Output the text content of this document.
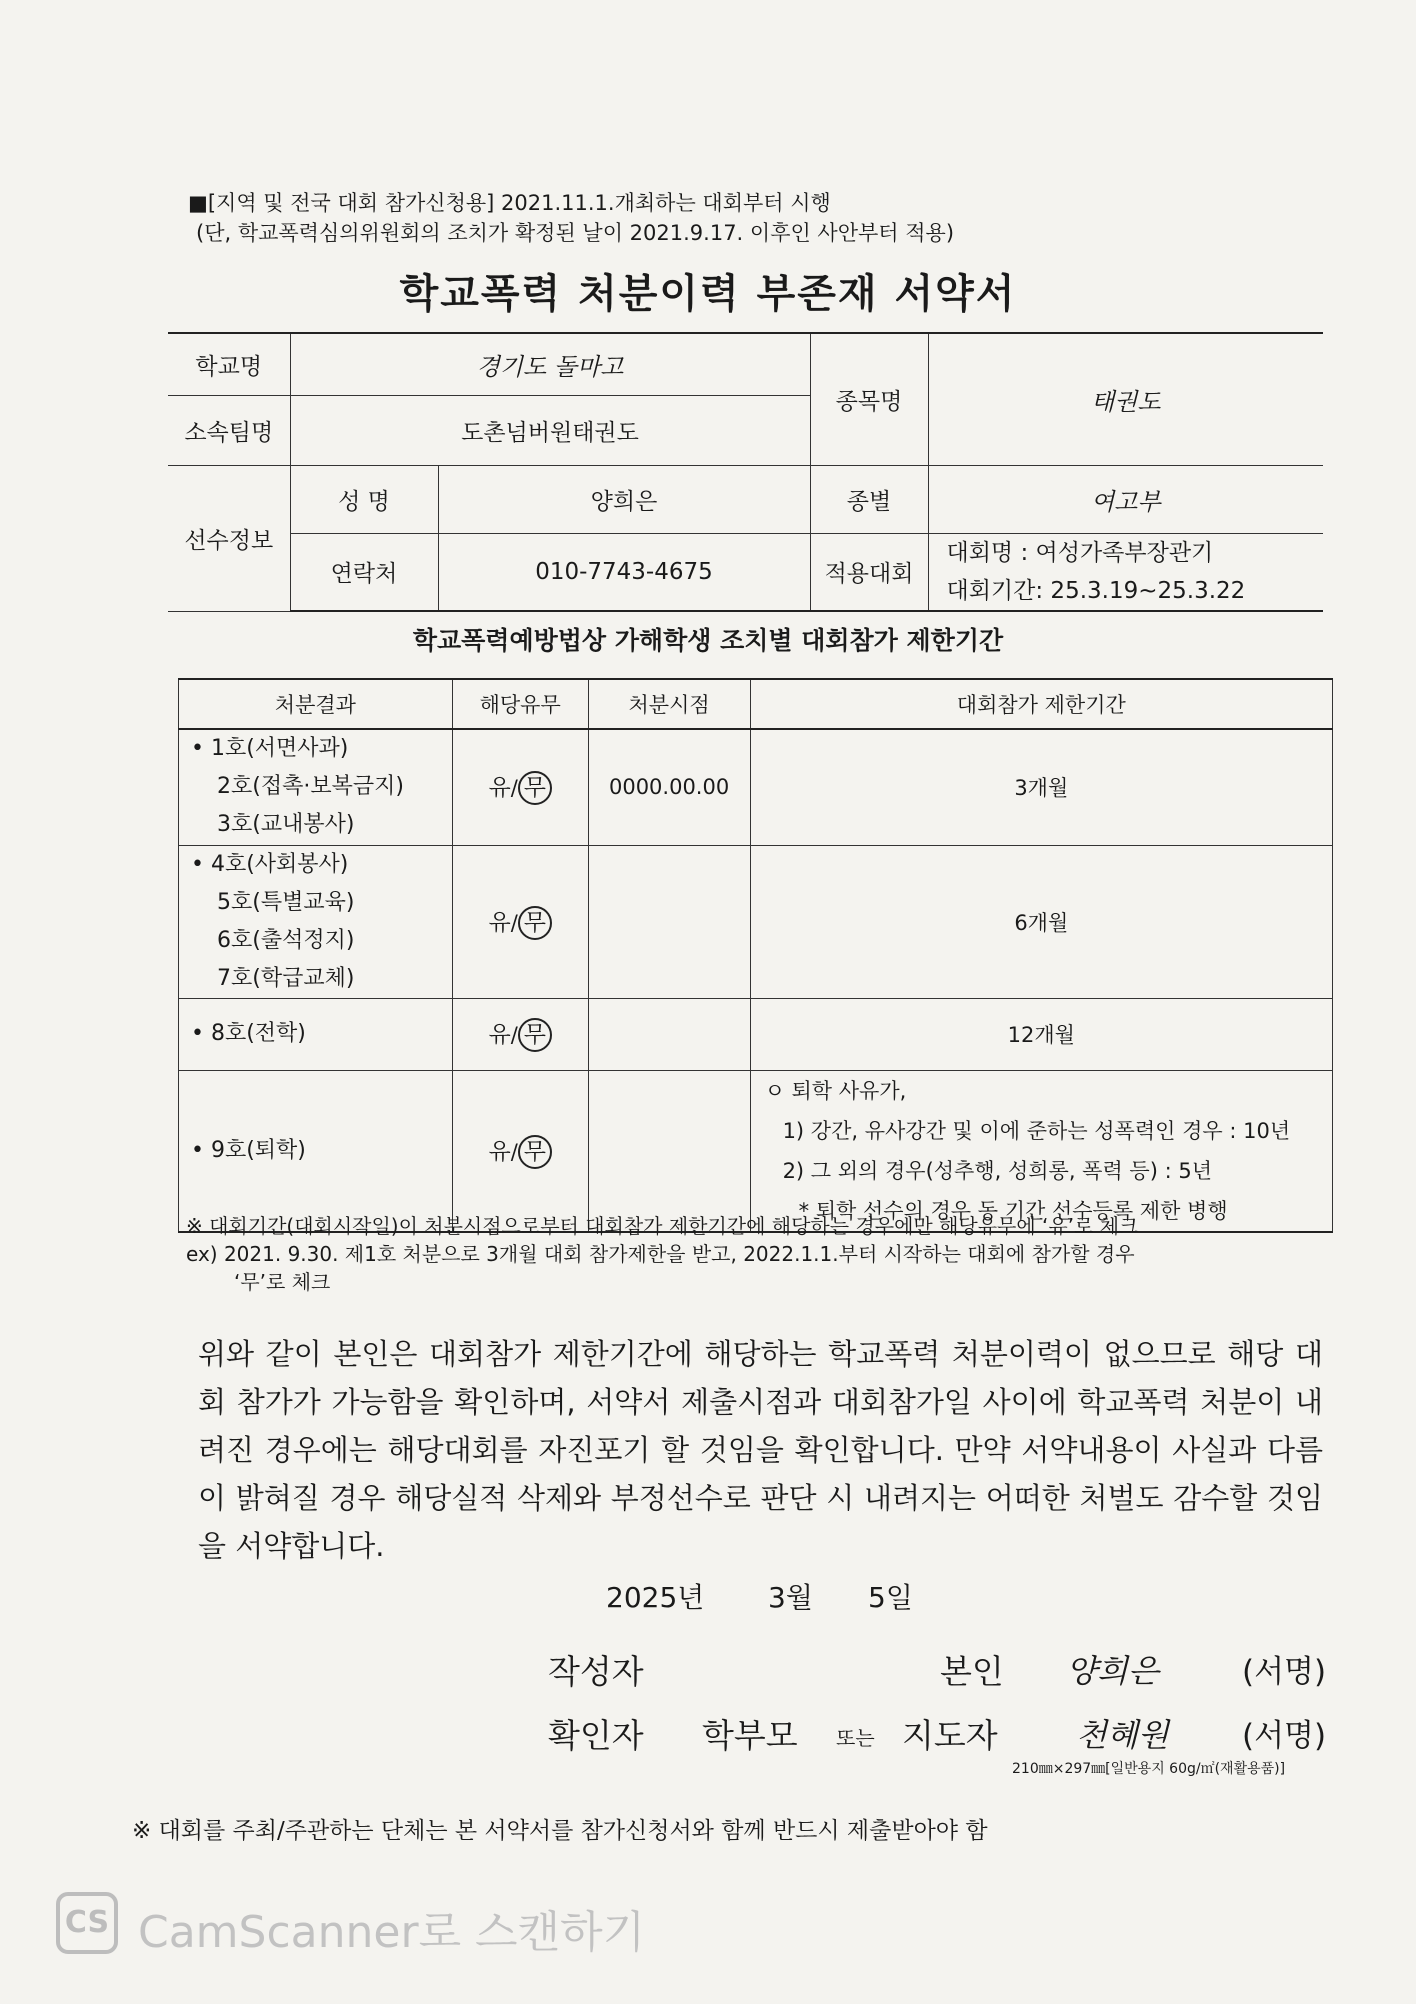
■[지역 및 전국 대회 참가신청용] 2021.11.1.개최하는 대회부터 시행
(단, 학교폭력심의위원회의 조치가 확정된 날이 2021.9.17. 이후인 사안부터 적용)
학교폭력 처분이력 부존재 서약서
학교명	경기도 돌마고		종목명	태권도
소속팀명	도촌넘버원태권도			
선수정보	성 명	양희은	종별	여고부
	연락처	010-7743-4675	적용대회	대회명 : 여성가족부장관기
대회기간: 25.3.19~25.3.22
학교폭력예방법상 가해학생 조치별 대회참가 제한기간
처분결과	해당유무	처분시점	대회참가 제한기간

• 1호(서면사과)
2호(접촉·보복금지)
3호(교내봉사)	유/ 무	0000.00.00	3개월

• 4호(사회봉사)
5호(특별교육)
6호(출석정지)
7호(학급교체)	유/ 무		6개월

• 8호(전학)	유/ 무		12개월

• 9호(퇴학)	유/ 무		ㅇ 퇴학 사유가,
1) 강간, 유사강간 및 이에 준하는 성폭력인 경우 : 10년
2) 그 외의 경우(성추행, 성희롱, 폭력 등) : 5년
* 퇴학 선수의 경우 동 기간 선수등록 제한 병행
※ 대회기간(대회시작일)이 처분시점으로부터 대회참가 제한기간에 해당하는 경우에만 해당유무에 ‘유’로 체크
ex) 2021. 9.30. 제1호 처분으로 3개월 대회 참가제한을 받고, 2022.1.1.부터 시작하는 대회에 참가할 경우
‘무’로 체크
위와 같이 본인은 대회참가 제한기간에 해당하는 학교폭력 처분이력이 없으므로 해당 대회 참가가 가능함을 확인하며, 서약서 제출시점과 대회참가일 사이에 학교폭력 처분이 내려진 경우에는 해당대회를 자진포기 할 것임을 확인합니다. 만약 서약내용이 사실과 다름이 밝혀질 경우 해당실적 삭제와 부정선수로 판단 시 내려지는 어떠한 처벌도 감수할 것임을 서약합니다.
2025년 3월 5일
작성자	본인 양희은	(서명)
확인자 학부모 또는 지도자 천혜원 (서명)
210㎜×297㎜[일반용지 60g/㎡(재활용품)]
※ 대회를 주최/주관하는 단체는 본 서약서를 참가신청서와 함께 반드시 제출받아야 함
CS CamScanner로 스캔하기
